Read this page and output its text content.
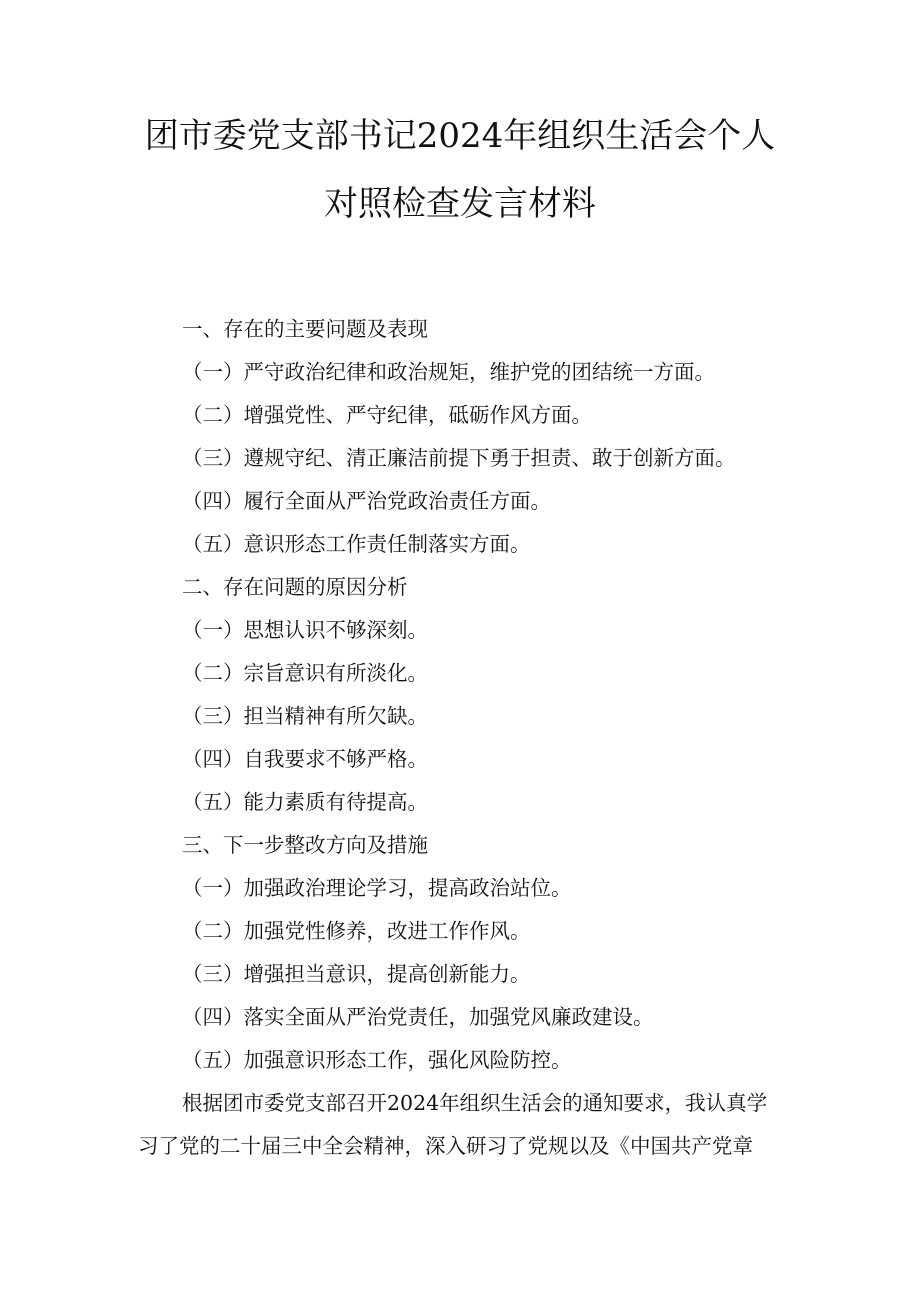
团市委党支部书记2024年组织生活会个人
对照检查发言材料
一、存在的主要问题及表现
（一）严守政治纪律和政治规矩，维护党的团结统一方面。
（二）增强党性、严守纪律，砥砺作风方面。
（三）遵规守纪、清正廉洁前提下勇于担责、敢于创新方面。
（四）履行全面从严治党政治责任方面。
（五）意识形态工作责任制落实方面。
二、存在问题的原因分析
（一）思想认识不够深刻。
（二）宗旨意识有所淡化。
（三）担当精神有所欠缺。
（四）自我要求不够严格。
（五）能力素质有待提高。
三、下一步整改方向及措施
（一）加强政治理论学习，提高政治站位。
（二）加强党性修养，改进工作作风。
（三）增强担当意识，提高创新能力。
（四）落实全面从严治党责任，加强党风廉政建设。
（五）加强意识形态工作，强化风险防控。
根据团市委党支部召开2024年组织生活会的通知要求，我认真学
习了党的二十届三中全会精神，深入研习了党规以及《中国共产党章
